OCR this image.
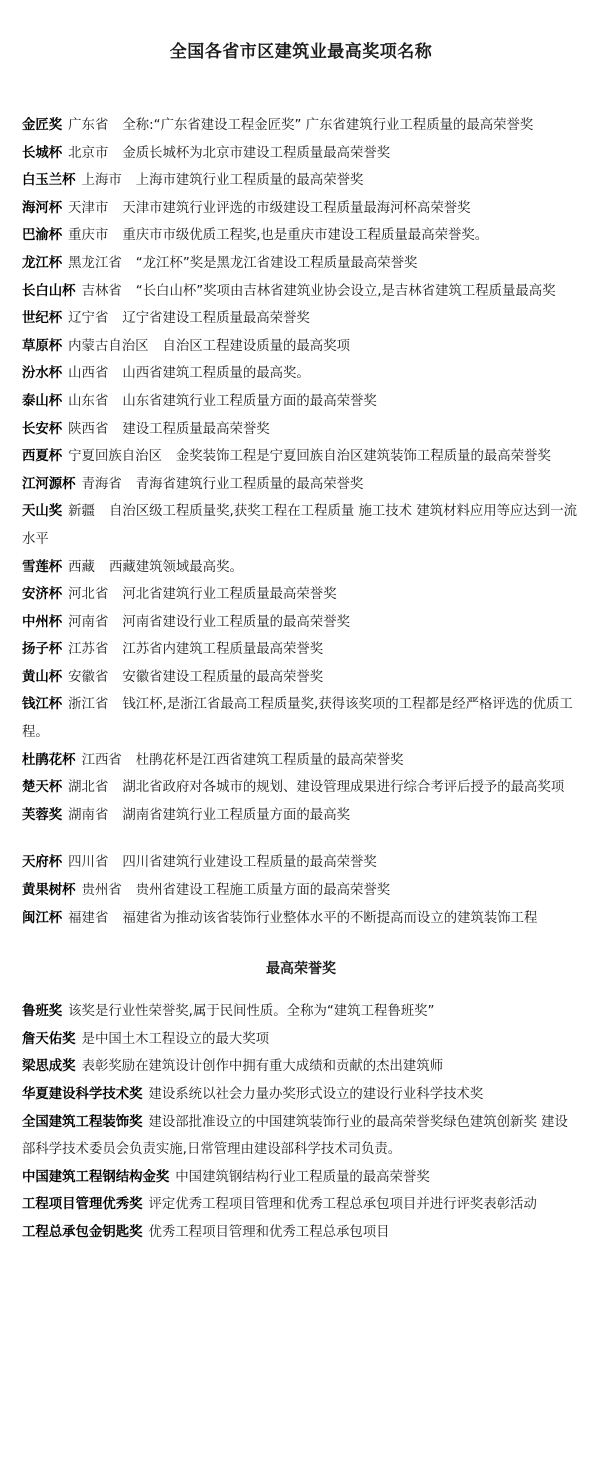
全国各省市区建筑业最高奖项名称

金匠奖 广东省 全称:“广东省建设工程金匠奖” 广东省建筑行业工程质量的最高荣誉奖

长城杯 北京市 金质长城杯为北京市建设工程质量最高荣誉奖

白玉兰杯 上海市 上海市建筑行业工程质量的最高荣誉奖

海河杯 天津市 天津市建筑行业评选的市级建设工程质量最海河杯高荣誉奖

巴渝杯 重庆市 重庆市市级优质工程奖,也是重庆市建设工程质量最高荣誉奖。

龙江杯 黑龙江省 “龙江杯”奖是黑龙江省建设工程质量最高荣誉奖

长白山杯 吉林省 “长白山杯”奖项由吉林省建筑业协会设立,是吉林省建筑工程质量最高奖

世纪杯 辽宁省 辽宁省建设工程质量最高荣誉奖

草原杯 内蒙古自治区 自治区工程建设质量的最高奖项

汾水杯 山西省 山西省建筑工程质量的最高奖。

泰山杯 山东省 山东省建筑行业工程质量方面的最高荣誉奖

长安杯 陕西省 建设工程质量最高荣誉奖

西夏杯 宁夏回族自治区 金奖装饰工程是宁夏回族自治区建筑装饰工程质量的最高荣誉奖

江河源杯 青海省 青海省建筑行业工程质量的最高荣誉奖

天山奖 新疆 自治区级工程质量奖,获奖工程在工程质量 施工技术 建筑材料应用等应达到一流水平

雪莲杯 西藏 西藏建筑领域最高奖。

安济杯 河北省 河北省建筑行业工程质量最高荣誉奖

中州杯 河南省 河南省建设行业工程质量的最高荣誉奖

扬子杯 江苏省 江苏省内建筑工程质量最高荣誉奖

黄山杯 安徽省 安徽省建设工程质量的最高荣誉奖

钱江杯 浙江省 钱江杯,是浙江省最高工程质量奖,获得该奖项的工程都是经严格评选的优质工程。

杜鹃花杯 江西省 杜鹃花杯是江西省建筑工程质量的最高荣誉奖

楚天杯 湖北省 湖北省政府对各城市的规划、建设管理成果进行综合考评后授予的最高奖项

芙蓉奖 湖南省 湖南省建筑行业工程质量方面的最高奖

天府杯 四川省 四川省建筑行业建设工程质量的最高荣誉奖

黄果树杯 贵州省 贵州省建设工程施工质量方面的最高荣誉奖

闽江杯 福建省 福建省为推动该省装饰行业整体水平的不断提高而设立的建筑装饰工程

最高荣誉奖

鲁班奖 该奖是行业性荣誉奖,属于民间性质。全称为“建筑工程鲁班奖”

詹天佑奖 是中国土木工程设立的最大奖项

梁思成奖 表彰奖励在建筑设计创作中拥有重大成绩和贡献的杰出建筑师

华夏建设科学技术奖 建设系统以社会力量办奖形式设立的建设行业科学技术奖

全国建筑工程装饰奖 建设部批准设立的中国建筑装饰行业的最高荣誉奖绿色建筑创新奖 建设部科学技术委员会负责实施,日常管理由建设部科学技术司负责。

中国建筑工程钢结构金奖 中国建筑钢结构行业工程质量的最高荣誉奖

工程项目管理优秀奖 评定优秀工程项目管理和优秀工程总承包项目并进行评奖表彰活动

工程总承包金钥匙奖 优秀工程项目管理和优秀工程总承包项目
